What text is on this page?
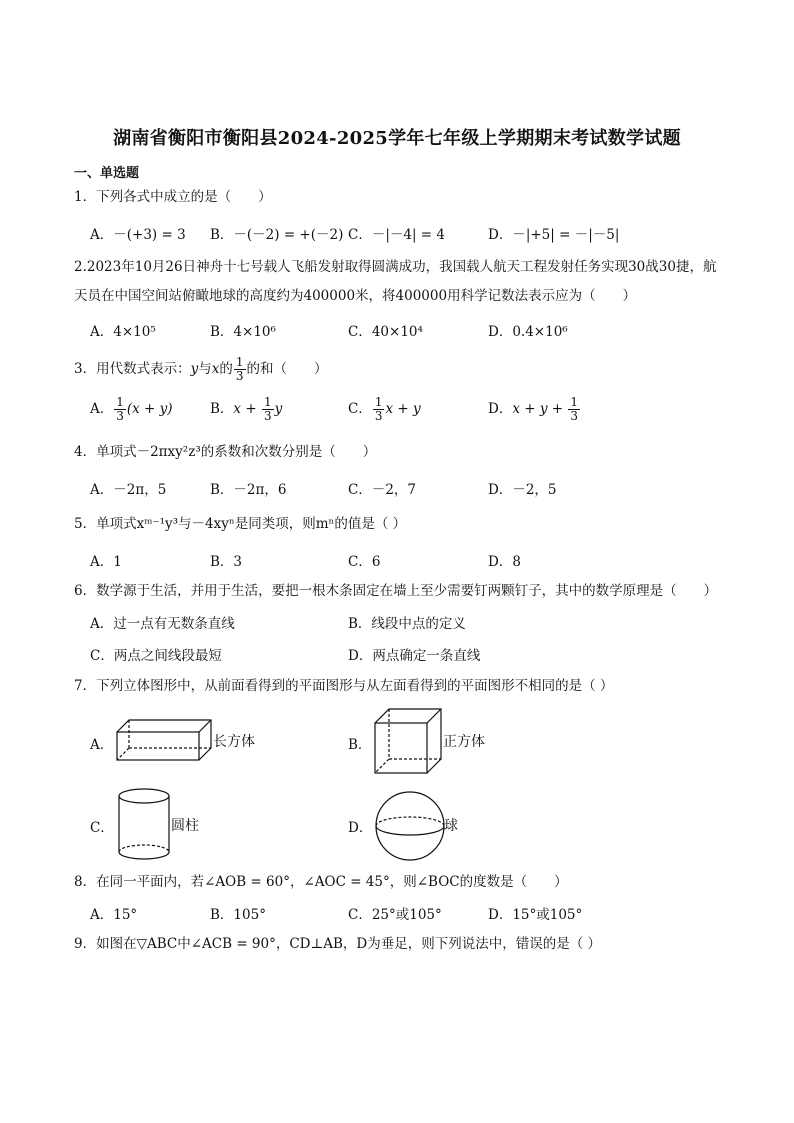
湖南省衡阳市衡阳县2024-2025学年七年级上学期期末考试数学试题
一、单选题
1．下列各式中成立的是（　　）
A．－(+3) = 3 B．－(－2) = +(－2) C．－|－4| = 4	D．－|+5| = －|－5|
2.2023年10月26日神舟十七号载人飞船发射取得圆满成功，我国载人航天工程发射任务实现30战30捷，航天员在中国空间站俯瞰地球的高度约为400000米，将400000用科学记数法表示应为（　　）
A．4×10⁵	B．4×10⁶	C．40×10⁴	D．0.4×10⁶
3．用代数式表示：y与x的 $\frac{1}{3}$ 的和（　　）
A． $\frac{1}{3} (x + y)$	B．$x + \frac{1}{3}$ y	C． $\frac{1}{3}$ x + y	D．$x + y + \frac{1}{3}$
4．单项式－2πxy²z³的系数和次数分别是（　　）
A．－2π，5	B．－2π，6	C．－2，7	D．－2，5
5．单项式xᵐ⁻¹y³与－4xyⁿ是同类项，则mⁿ的值是（ ）
A．1	B．3	C．6	D．8
6．数学源于生活，并用于生活，要把一根木条固定在墙上至少需要钉两颗钉子，其中的数学原理是（　　）
A．过一点有无数条直线	B．线段中点的定义
C．两点之间线段最短	D．两点确定一条直线
7．下列立体图形中，从前面看得到的平面图形与从左面看得到的平面图形不相同的是（ ）
A．	长方体	B．	正方体
C．	圆柱	D．	球
8．在同一平面内，若∠AOB = 60°，∠AOC = 45°，则∠BOC的度数是（　　）
A．15°	B．105°	C．25°或105°	D．15°或105°
9．如图在▽ABC中∠ACB = 90°，CD⊥AB，D为垂足，则下列说法中，错误的是（ ）
